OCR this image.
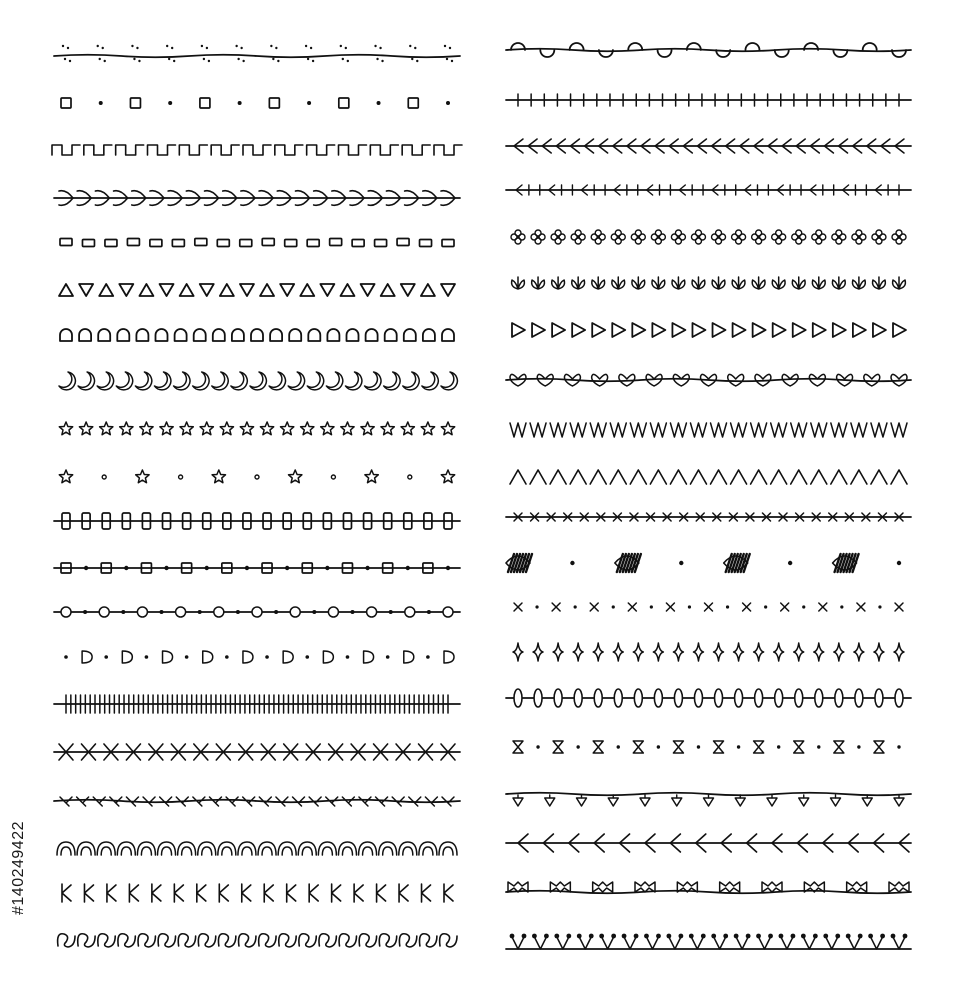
#140249422
